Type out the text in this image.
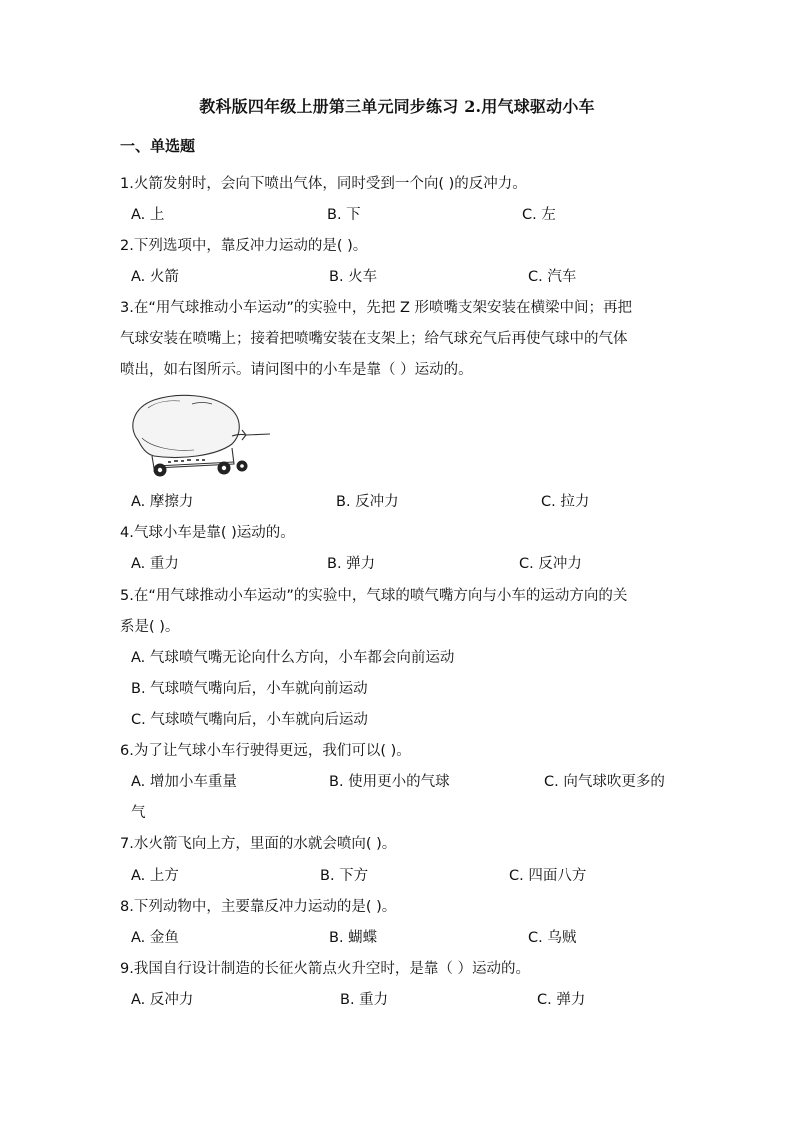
教科版四年级上册第三单元同步练习 2.用气球驱动小车
一、单选题
1.火箭发射时，会向下喷出气体，同时受到一个向( )的反冲力。
A. 上	B. 下	C. 左
2.下列选项中，靠反冲力运动的是( )。
A. 火箭	B. 火车	C. 汽车
3.在“用气球推动小车运动”的实验中，先把 Z 形喷嘴支架安装在横梁中间；再把
气球安装在喷嘴上；接着把喷嘴安装在支架上；给气球充气后再使气球中的气体
喷出，如右图所示。请问图中的小车是靠（ ）运动的。
A. 摩擦力	B. 反冲力	C. 拉力
4.气球小车是靠( )运动的。
A. 重力	B. 弹力	C. 反冲力
5.在“用气球推动小车运动”的实验中，气球的喷气嘴方向与小车的运动方向的关
系是( )。
A. 气球喷气嘴无论向什么方向，小车都会向前运动
B. 气球喷气嘴向后，小车就向前运动
C. 气球喷气嘴向后，小车就向后运动
6.为了让气球小车行驶得更远，我们可以( )。
A. 增加小车重量	B. 使用更小的气球	C. 向气球吹更多的
气
7.水火箭飞向上方，里面的水就会喷向( )。
A. 上方	B. 下方	C. 四面八方
8.下列动物中，主要靠反冲力运动的是( )。
A. 金鱼	B. 蝴蝶	C. 乌贼
9.我国自行设计制造的长征火箭点火升空时，是靠（ ）运动的。
A. 反冲力	B. 重力	C. 弹力
